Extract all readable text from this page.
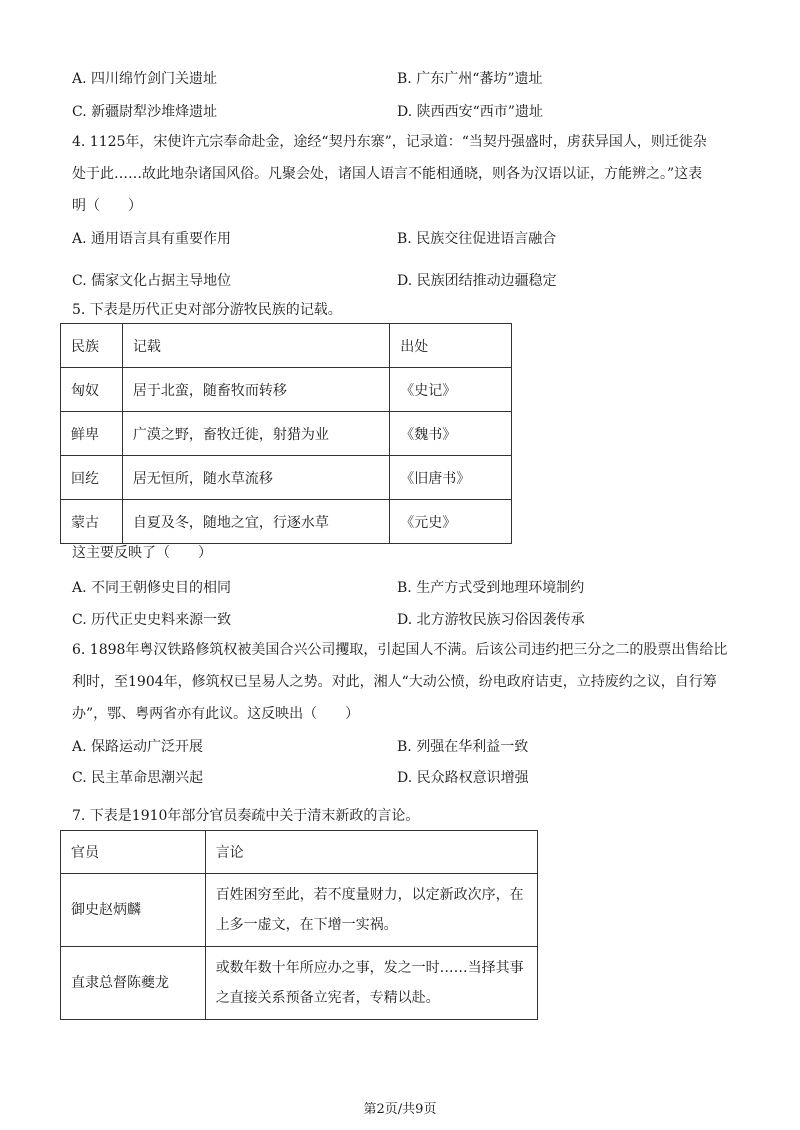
A. 四川绵竹剑门关遗址	B. 广东广州“蕃坊”遗址
C. 新疆尉犁沙堆烽遗址	D. 陕西西安“西市”遗址
4. 1125年，宋使许亢宗奉命赴金，途经“契丹东寨”，记录道：“当契丹强盛时，虏获异国人，则迁徙杂
处于此……故此地杂诸国风俗。凡聚会处，诸国人语言不能相通晓，则各为汉语以证，方能辨之。”这表
明（　　）
A. 通用语言具有重要作用	B. 民族交往促进语言融合
C. 儒家文化占据主导地位	D. 民族团结推动边疆稳定
5. 下表是历代正史对部分游牧民族的记载。
民族	记载	出处
匈奴	居于北蛮，随畜牧而转移	《史记》
鲜卑	广漠之野，畜牧迁徙，射猎为业	《魏书》
回纥	居无恒所，随水草流移	《旧唐书》
蒙古	自夏及冬，随地之宜，行逐水草	《元史》
这主要反映了（　　）
A. 不同王朝修史目的相同	B. 生产方式受到地理环境制约
C. 历代正史史料来源一致	D. 北方游牧民族习俗因袭传承
6. 1898年粤汉铁路修筑权被美国合兴公司攫取，引起国人不满。后该公司违约把三分之二的股票出售给比
利时，至1904年，修筑权已呈易人之势。对此，湘人“大动公愤，纷电政府诘吏，立持废约之议，自行筹
办”，鄂、粤两省亦有此议。这反映出（　　）
A. 保路运动广泛开展	B. 列强在华利益一致
C. 民主革命思潮兴起	D. 民众路权意识增强
7. 下表是1910年部分官员奏疏中关于清末新政的言论。
官员	言论
御史赵炳麟	百姓困穷至此，若不度量财力，以定新政次序，在
上多一虚文，在下增一实祸。

直隶总督陈夔龙	或数年数十年所应办之事，发之一时……当择其事
之直接关系预备立宪者，专精以赴。
第2页/共9页
